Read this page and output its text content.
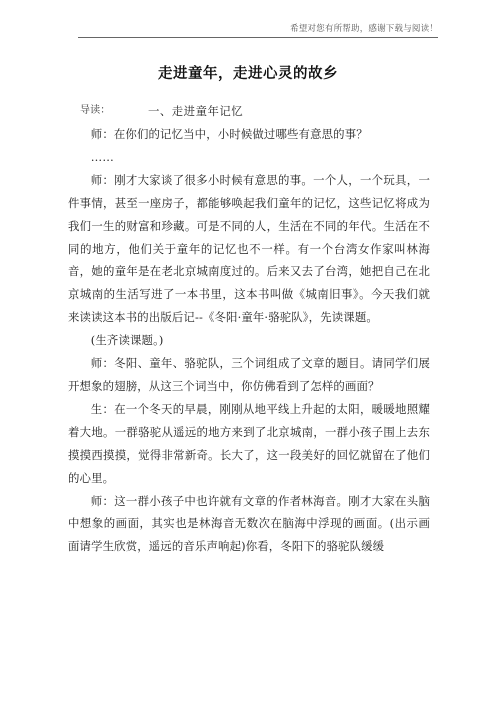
希望对您有所帮助，感谢下载与阅读！
走进童年，走进心灵的故乡
导读：	一、走进童年记忆

师：在你们的记忆当中，小时候做过哪些有意思的事？

……

师：刚才大家谈了很多小时候有意思的事。一个人，一个玩具，一件事情，甚至一座房子，都能够唤起我们童年的记忆，这些记忆将成为我们一生的财富和珍藏。可是不同的人，生活在不同的年代。生活在不同的地方，他们关于童年的记忆也不一样。有一个台湾女作家叫林海音，她的童年是在老北京城南度过的。后来又去了台湾，她把自己在北京城南的生活写进了一本书里，这本书叫做《城南旧事》。今天我们就来读读这本书的出版后记--《冬阳·童年·骆驼队》，先读课题。

(生齐读课题。)

师：冬阳、童年、骆驼队，三个词组成了文章的题目。请同学们展开想象的翅膀，从这三个词当中，你仿佛看到了怎样的画面？

生：在一个冬天的早晨，刚刚从地平线上升起的太阳，暖暖地照耀着大地。一群骆驼从遥远的地方来到了北京城南，一群小孩子围上去东摸摸西摸摸，觉得非常新奇。长大了，这一段美好的回忆就留在了他们的心里。

师：这一群小孩子中也许就有文章的作者林海音。刚才大家在头脑中想象的画面，其实也是林海音无数次在脑海中浮现的画面。(出示画面请学生欣赏，遥远的音乐声响起)你看，冬阳下的骆驼队缓缓
